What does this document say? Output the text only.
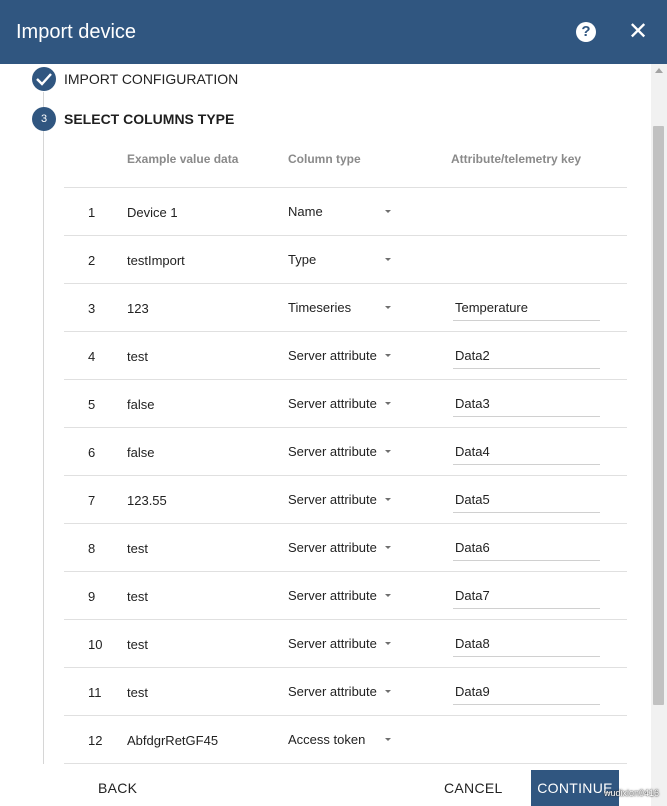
Import device	? ✕
IMPORT CONFIGURATION
3	SELECT COLUMNS TYPE
Example value data	Column type	Attribute/telemetry key
1 Device 1	Name
2 testImport	Type
3 123	Timeseries	Temperature
4 test	Server attribute	Data2
5 false	Server attribute	Data3
6 false	Server attribute	Data4
7 123.55	Server attribute	Data5
8 test	Server attribute	Data6
9 test	Server attribute	Data7
10 test	Server attribute	Data8
11 test	Server attribute	Data9
12 AbfdgrRetGF45	Access token
BACK	CANCEL	CONTINUE
wudixion0416
